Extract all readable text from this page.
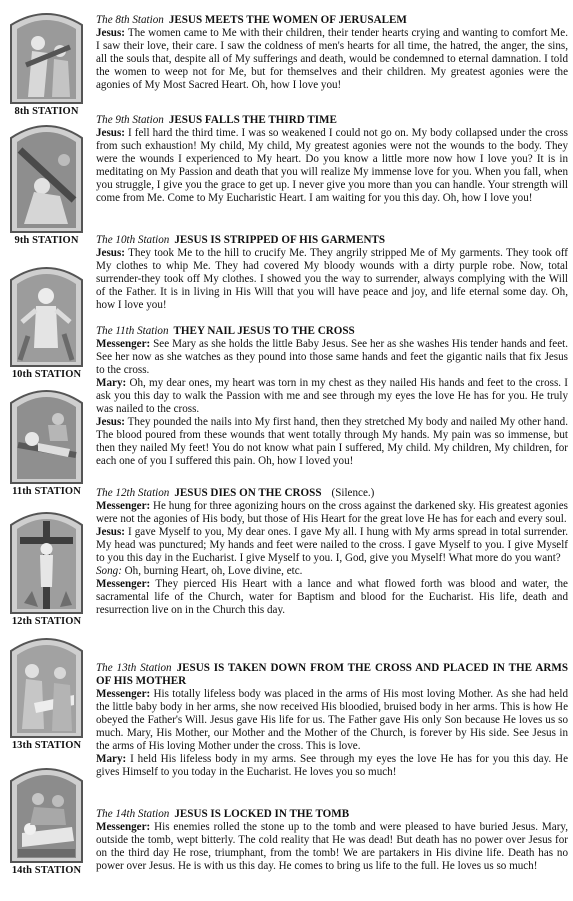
8th STATION
The 8th Station JESUS MEETS THE WOMEN OF JERUSALEM

Jesus: The women came to Me with their children, their tender hearts crying and wanting to comfort Me. I saw their love, their care. I saw the coldness of men's hearts for all time, the hatred, the anger, the sins, all the souls that, despite all of My sufferings and death, would be condemned to eternal damnation. I told the women to weep not for Me, but for themselves and their children. My greatest agonies were the agonies of My Most Sacred Heart. Oh, how I love you!

9th STATION
The 9th Station JESUS FALLS THE THIRD TIME

Jesus: I fell hard the third time. I was so weakened I could not go on. My body collapsed under the cross from such exhaustion! My child, My child, My greatest agonies were not the wounds to the body. They were the wounds I experienced to My heart. Do you know a little more now how I love you? It is in meditating on My Passion and death that you will realize My immense love for you. When you fall, when you struggle, I give you the grace to get up. I never give you more than you can handle. Your strength will come from Me. Come to My Eucharistic Heart. I am waiting for you this day. Oh, how I love you!

10th STATION
The 10th Station JESUS IS STRIPPED OF HIS GARMENTS

Jesus: They took Me to the hill to crucify Me. They angrily stripped Me of My garments. They took off My clothes to whip Me. They had covered My bloody wounds with a dirty purple robe. Now, total surrender-they took off My clothes. I showed you the way to surrender, always complying with the Will of the Father. It is in living in His Will that you will have peace and joy, and life eternal some day. Oh, how I love you!

11th STATION
The 11th Station THEY NAIL JESUS TO THE CROSS

Messenger: See Mary as she holds the little Baby Jesus. See her as she washes His tender hands and feet. See her now as she watches as they pound into those same hands and feet the gigantic nails that fix Jesus to the cross.

Mary: Oh, my dear ones, my heart was torn in my chest as they nailed His hands and feet to the cross. I ask you this day to walk the Passion with me and see through my eyes the love He has for you. He truly was nailed to the cross.

Jesus: They pounded the nails into My first hand, then they stretched My body and nailed My other hand. The blood poured from these wounds that went totally through My hands. My pain was so immense, but then they nailed My feet! You do not know what pain I suffered, My child. My children, My children, for each one of you I suffered this pain. Oh, how I loved you!

12th STATION
The 12th Station JESUS DIES ON THE CROSS (Silence.)

Messenger: He hung for three agonizing hours on the cross against the darkened sky. His greatest agonies were not the agonies of His body, but those of His Heart for the great love He has for each and every soul.

Jesus: I gave Myself to you, My dear ones. I gave My all. I hung with My arms spread in total surrender. My head was punctured; My hands and feet were nailed to the cross. I gave Myself to you. I give Myself to you this day in the Eucharist. I give Myself to you. I, God, give you Myself! What more do you want?

Song: Oh, burning Heart, oh, Love divine, etc.

Messenger: They pierced His Heart with a lance and what flowed forth was blood and water, the sacramental life of the Church, water for Baptism and blood for the Eucharist. His life, death and resurrection live on in the Church this day.

13th STATION
The 13th Station JESUS IS TAKEN DOWN FROM THE CROSS AND PLACED IN THE ARMS OF HIS MOTHER

Messenger: His totally lifeless body was placed in the arms of His most loving Mother. As she had held the little baby body in her arms, she now received His bloodied, bruised body in her arms. This is how He obeyed the Father's Will. Jesus gave His life for us. The Father gave His only Son because He loves us so much. Mary, His Mother, our Mother and the Mother of the Church, is forever by His side. See Jesus in the arms of His loving Mother under the cross. This is love.

Mary: I held His lifeless body in my arms. See through my eyes the love He has for you this day. He gives Himself to you today in the Eucharist. He loves you so much!

14th STATION
The 14th Station JESUS IS LOCKED IN THE TOMB

Messenger: His enemies rolled the stone up to the tomb and were pleased to have buried Jesus. Mary, outside the tomb, wept bitterly. The cold reality that He was dead! But death has no power over Jesus for on the third day He rose, triumphant, from the tomb! We are partakers in His divine life. Death has no power over Jesus. He is with us this day. He comes to bring us life to the full. He loves us so much!
